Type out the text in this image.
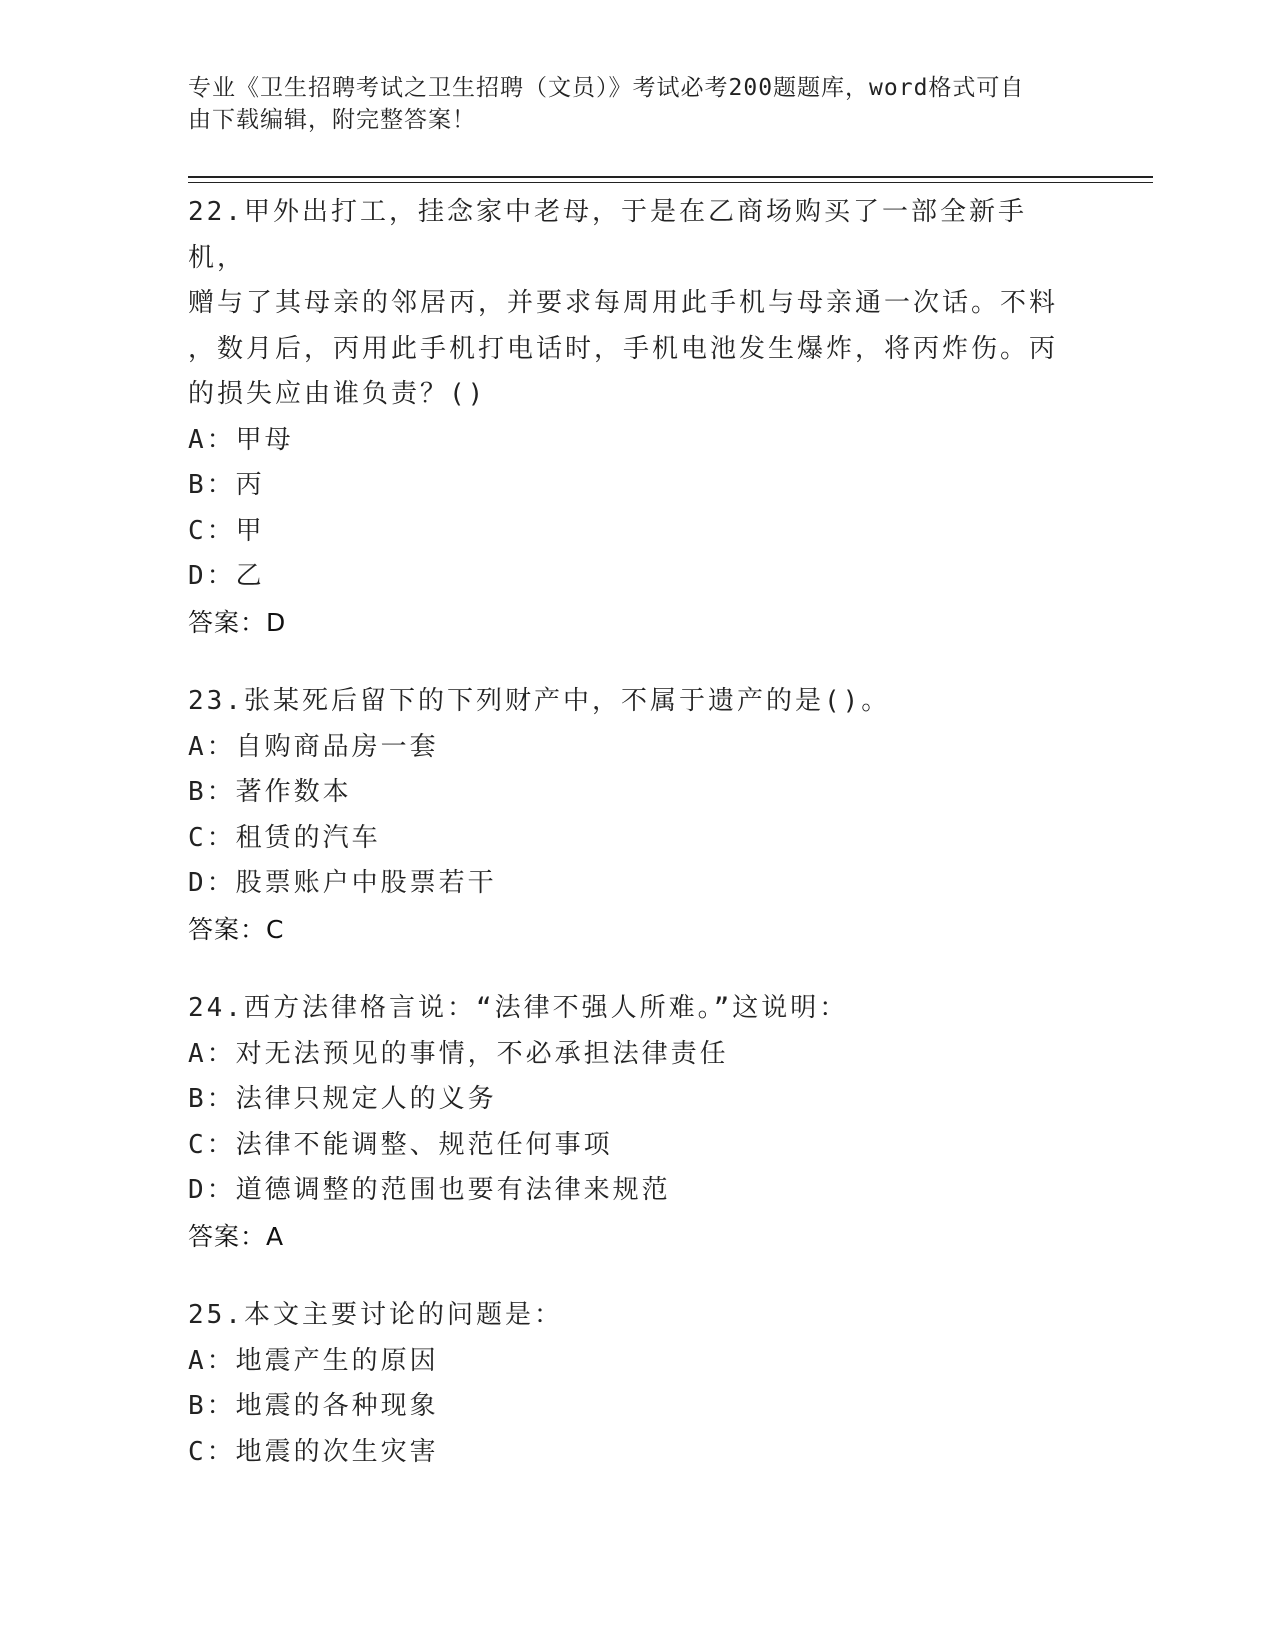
专业《卫生招聘考试之卫生招聘（文员）》考试必考200题题库，word格式可自
由下载编辑，附完整答案！
22.甲外出打工，挂念家中老母，于是在乙商场购买了一部全新手机，
赠与了其母亲的邻居丙，并要求每周用此手机与母亲通一次话。不料
，数月后，丙用此手机打电话时，手机电池发生爆炸，将丙炸伤。丙
的损失应由谁负责？()
A：甲母
B：丙
C：甲
D：乙
答案：D
23.张某死后留下的下列财产中，不属于遗产的是()。
A：自购商品房一套
B：著作数本
C：租赁的汽车
D：股票账户中股票若干
答案：C
24.西方法律格言说：“法律不强人所难。”这说明：
A：对无法预见的事情，不必承担法律责任
B：法律只规定人的义务
C：法律不能调整、规范任何事项
D：道德调整的范围也要有法律来规范
答案：A
25.本文主要讨论的问题是：
A：地震产生的原因
B：地震的各种现象
C：地震的次生灾害
